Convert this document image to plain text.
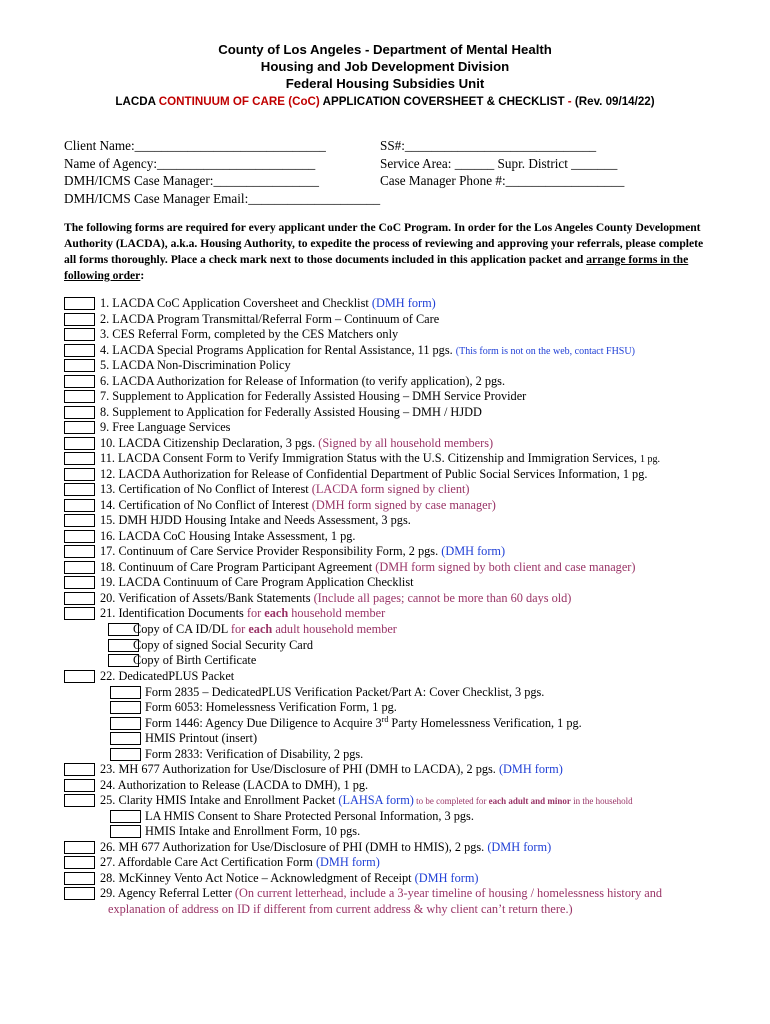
County of Los Angeles - Department of Mental Health
Housing and Job Development Division
Federal Housing Subsidies Unit
LACDA CONTINUUM OF CARE (CoC) APPLICATION COVERSHEET & CHECKLIST - (Rev. 09/14/22)
Client Name:_____________________________
Name of Agency:________________________
DMH/ICMS Case Manager:________________
DMH/ICMS Case Manager Email:____________________
SS#:_____________________________
Service Area: ______ Supr. District _______
Case Manager Phone #:__________________
The following forms are required for every applicant under the CoC Program. In order for the Los Angeles County Development Authority (LACDA), a.k.a. Housing Authority, to expedite the process of reviewing and approving your referrals, please complete all forms thoroughly. Place a check mark next to those documents included in this application packet and arrange forms in the following order:
1. LACDA CoC Application Coversheet and Checklist (DMH form)
2. LACDA Program Transmittal/Referral Form – Continuum of Care
3. CES Referral Form, completed by the CES Matchers only
4. LACDA Special Programs Application for Rental Assistance, 11 pgs. (This form is not on the web, contact FHSU)
5. LACDA Non-Discrimination Policy
6. LACDA Authorization for Release of Information (to verify application), 2 pgs.
7. Supplement to Application for Federally Assisted Housing – DMH Service Provider
8. Supplement to Application for Federally Assisted Housing – DMH / HJDD
9. Free Language Services
10. LACDA Citizenship Declaration, 3 pgs. (Signed by all household members)
11. LACDA Consent Form to Verify Immigration Status with the U.S. Citizenship and Immigration Services, 1 pg.
12. LACDA Authorization for Release of Confidential Department of Public Social Services Information, 1 pg.
13. Certification of No Conflict of Interest (LACDA form signed by client)
14. Certification of No Conflict of Interest (DMH form signed by case manager)
15. DMH HJDD Housing Intake and Needs Assessment, 3 pgs.
16. LACDA CoC Housing Intake Assessment, 1 pg.
17. Continuum of Care Service Provider Responsibility Form, 2 pgs. (DMH form)
18. Continuum of Care Program Participant Agreement (DMH form signed by both client and case manager)
19. LACDA Continuum of Care Program Application Checklist
20. Verification of Assets/Bank Statements (Include all pages; cannot be more than 60 days old)
21. Identification Documents for each household member
Copy of CA ID/DL for each adult household member
Copy of signed Social Security Card
Copy of Birth Certificate
22. DedicatedPLUS Packet
Form 2835 – DedicatedPLUS Verification Packet/Part A: Cover Checklist, 3 pgs.
Form 6053: Homelessness Verification Form, 1 pg.
Form 1446: Agency Due Diligence to Acquire 3rd Party Homelessness Verification, 1 pg.
HMIS Printout (insert)
Form 2833: Verification of Disability, 2 pgs.
23. MH 677 Authorization for Use/Disclosure of PHI (DMH to LACDA), 2 pgs. (DMH form)
24. Authorization to Release (LACDA to DMH), 1 pg.
25. Clarity HMIS Intake and Enrollment Packet (LAHSA form) to be completed for each adult and minor in the household
LA HMIS Consent to Share Protected Personal Information, 3 pgs.
HMIS Intake and Enrollment Form, 10 pgs.
26. MH 677 Authorization for Use/Disclosure of PHI (DMH to HMIS), 2 pgs. (DMH form)
27. Affordable Care Act Certification Form (DMH form)
28. McKinney Vento Act Notice – Acknowledgment of Receipt (DMH form)
29. Agency Referral Letter (On current letterhead, include a 3-year timeline of housing / homelessness history and
explanation of address on ID if different from current address & why client can’t return there.)
